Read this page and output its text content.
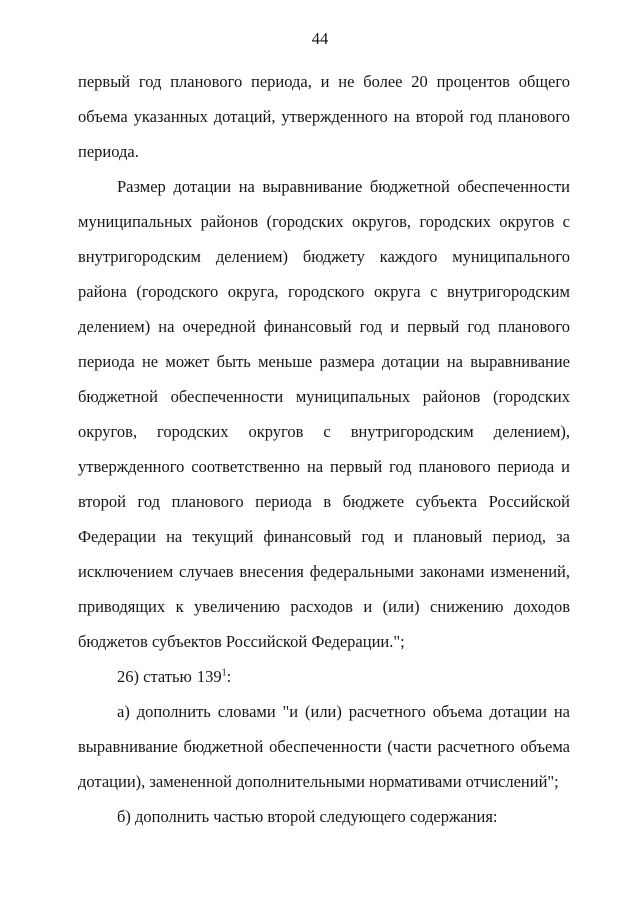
44

первый год планового периода, и не более 20 процентов общего объема указанных дотаций, утвержденного на второй год планового периода.

Размер дотации на выравнивание бюджетной обеспеченности муниципальных районов (городских округов, городских округов с внутригородским делением) бюджету каждого муниципального района (городского округа, городского округа с внутригородским делением) на очередной финансовый год и первый год планового периода не может быть меньше размера дотации на выравнивание бюджетной обеспеченности муниципальных районов (городских округов, городских округов с внутригородским делением), утвержденного соответственно на первый год планового периода и второй год планового периода в бюджете субъекта Российской Федерации на текущий финансовый год и плановый период, за исключением случаев внесения федеральными законами изменений, приводящих к увеличению расходов и (или) снижению доходов бюджетов субъектов Российской Федерации.";

26) статью $139^1$:

а) дополнить словами "и (или) расчетного объема дотации на выравнивание бюджетной обеспеченности (части расчетного объема дотации), замененной дополнительными нормативами отчислений";

б) дополнить частью второй следующего содержания:
